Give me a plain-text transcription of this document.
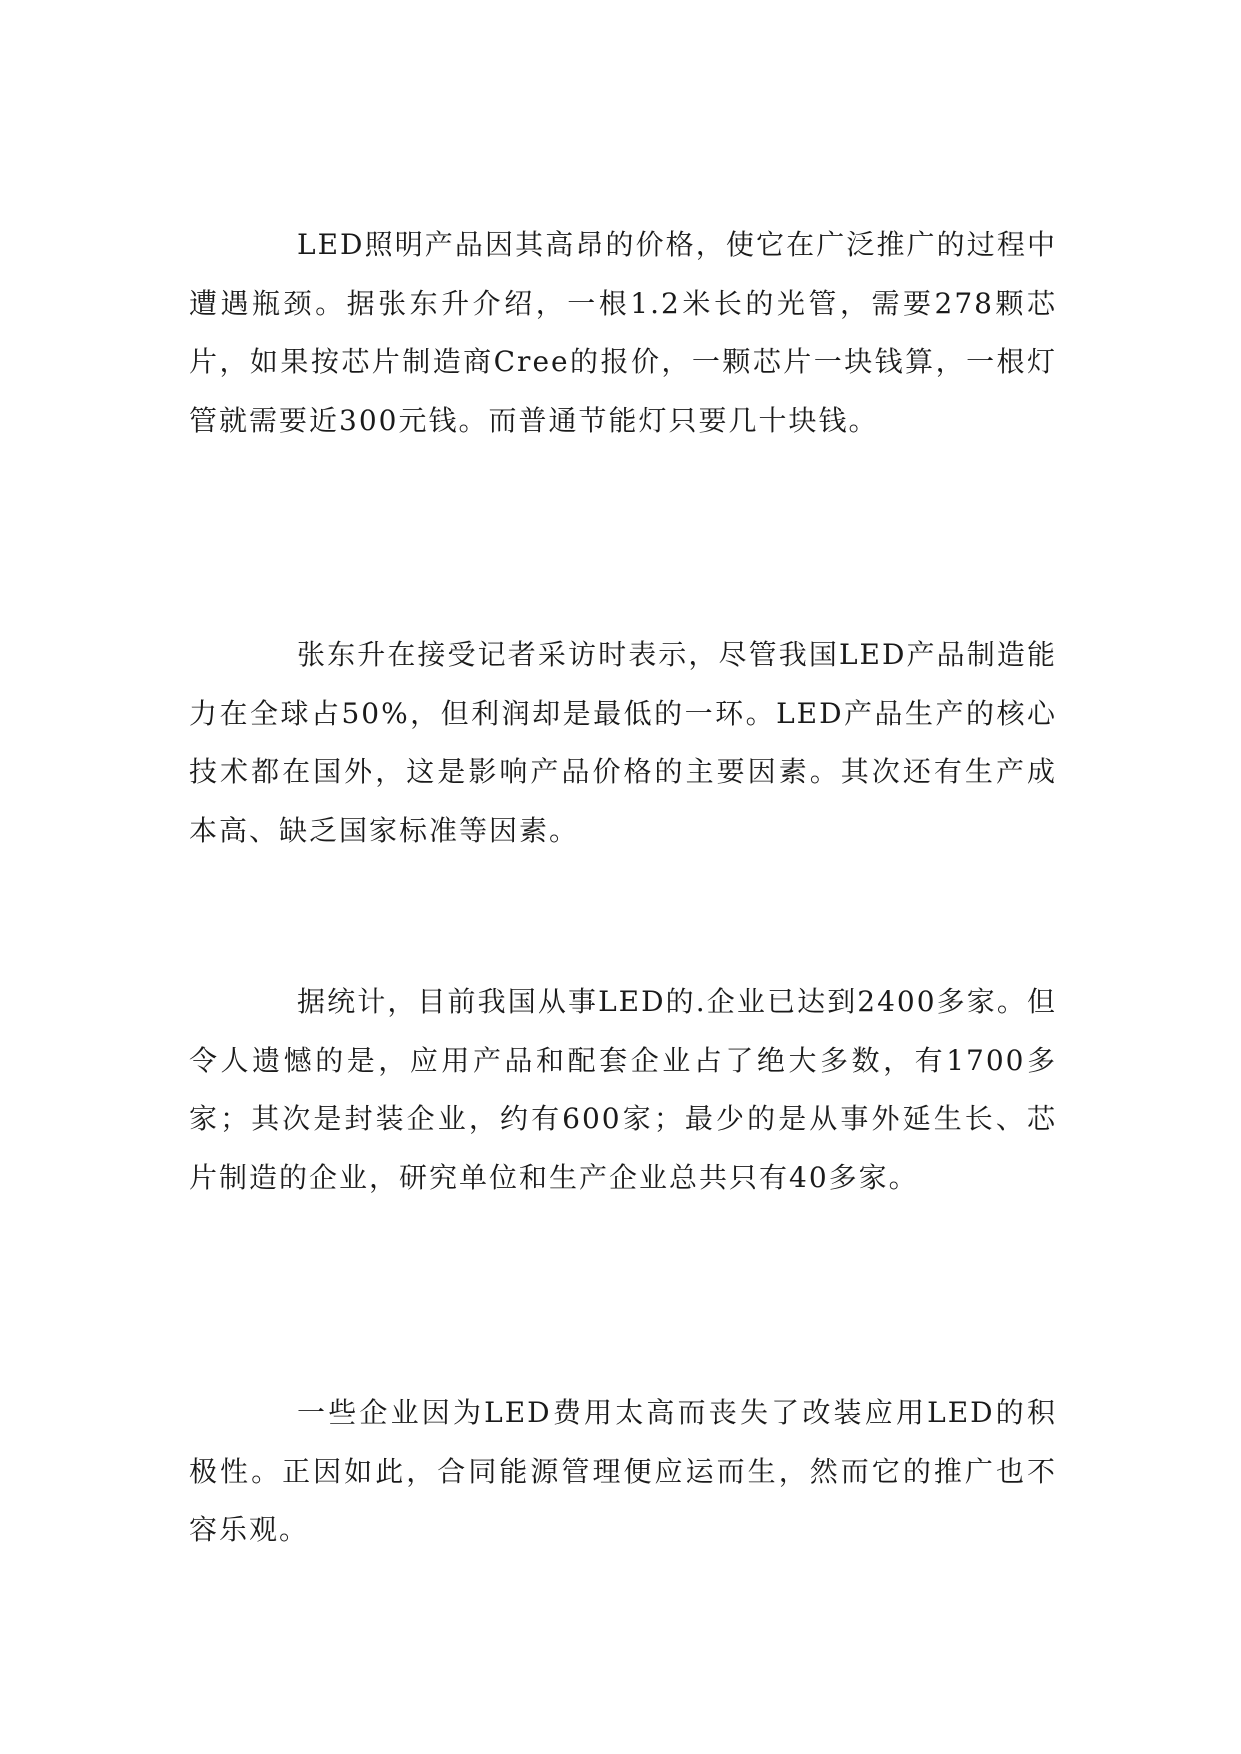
LED照明产品因其高昂的价格，使它在广泛推广的过程中遭遇瓶颈。据张东升介绍，一根1.2米长的光管，需要278颗芯片，如果按芯片制造商Cree的报价，一颗芯片一块钱算，一根灯管就需要近300元钱。而普通节能灯只要几十块钱。

张东升在接受记者采访时表示，尽管我国LED产品制造能力在全球占50%，但利润却是最低的一环。LED产品生产的核心技术都在国外，这是影响产品价格的主要因素。其次还有生产成本高、缺乏国家标准等因素。

据统计，目前我国从事LED的.企业已达到2400多家。但令人遗憾的是，应用产品和配套企业占了绝大多数，有1700多家；其次是封装企业，约有600家；最少的是从事外延生长、芯片制造的企业，研究单位和生产企业总共只有40多家。

一些企业因为LED费用太高而丧失了改装应用LED的积极性。正因如此，合同能源管理便应运而生，然而它的推广也不容乐观。
